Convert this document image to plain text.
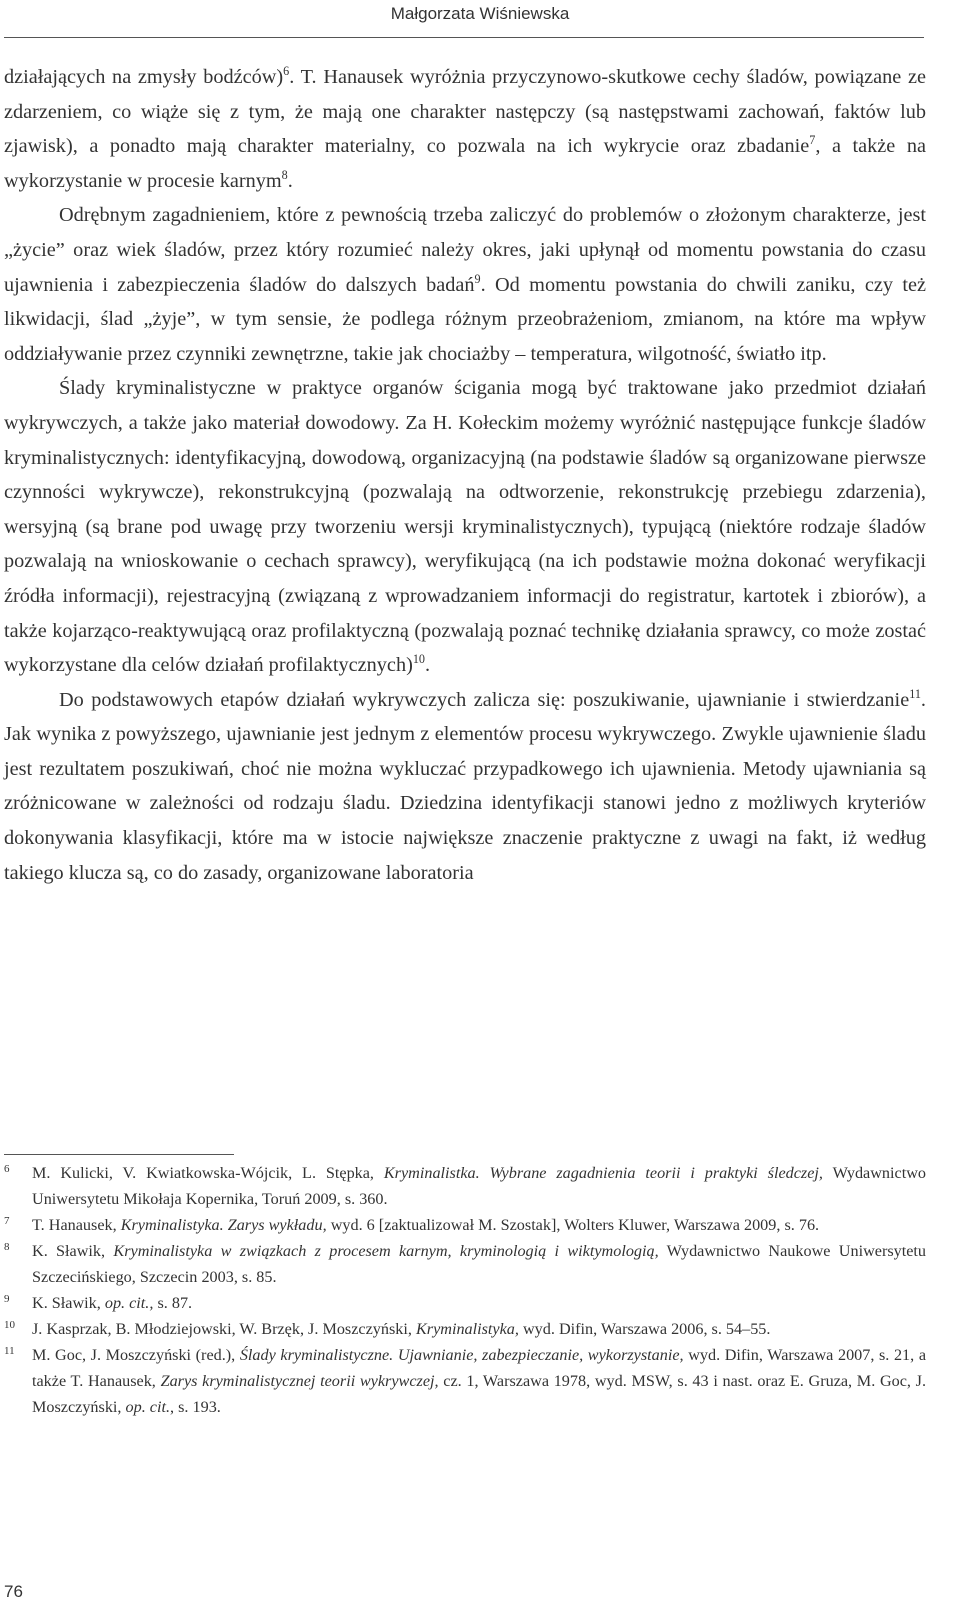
Małgorzata Wiśniewska

działających na zmysły bodźców)$^6$. T. Hanausek wyróżnia przyczynowo-skutkowe cechy śladów, powiązane ze zdarzeniem, co wiąże się z tym, że mają one charakter następczy (są następstwami zachowań, faktów lub zjawisk), a ponadto mają charakter materialny, co pozwala na ich wykrycie oraz zbadanie$^7$, a także na wykorzystanie w procesie karnym$^8$.

Odrębnym zagadnieniem, które z pewnością trzeba zaliczyć do problemów o złożonym charakterze, jest „życie” oraz wiek śladów, przez który rozumieć należy okres, jaki upłynął od momentu powstania do czasu ujawnienia i zabezpieczenia śladów do dalszych badań$^9$. Od momentu powstania do chwili zaniku, czy też likwidacji, ślad „żyje”, w tym sensie, że podlega różnym przeobrażeniom, zmianom, na które ma wpływ oddziaływanie przez czynniki zewnętrzne, takie jak chociażby – temperatura, wilgotność, światło itp.

Ślady kryminalistyczne w praktyce organów ścigania mogą być traktowane jako przedmiot działań wykrywczych, a także jako materiał dowodowy. Za H. Kołeckim możemy wyróżnić następujące funkcje śladów kryminalistycznych: identyfikacyjną, dowodową, organizacyjną (na podstawie śladów są organizowane pierwsze czynności wykrywcze), rekonstrukcyjną (pozwalają na odtworzenie, rekonstrukcję przebiegu zdarzenia), wersyjną (są brane pod uwagę przy tworzeniu wersji kryminalistycznych), typującą (niektóre rodzaje śladów pozwalają na wnioskowanie o cechach sprawcy), weryfikującą (na ich podstawie można dokonać weryfikacji źródła informacji), rejestracyjną (związaną z wprowadzaniem informacji do registratur, kartotek i zbiorów), a także kojarząco-reaktywującą oraz profilaktyczną (pozwalają poznać technikę działania sprawcy, co może zostać wykorzystane dla celów działań profilaktycznych)$^{10}$.

Do podstawowych etapów działań wykrywczych zalicza się: poszukiwanie, ujawnianie i stwierdzanie$^{11}$. Jak wynika z powyższego, ujawnianie jest jednym z elementów procesu wykrywczego. Zwykle ujawnienie śladu jest rezultatem poszukiwań, choć nie można wykluczać przypadkowego ich ujawnienia. Metody ujawniania są zróżnicowane w zależności od rodzaju śladu. Dziedzina identyfikacji stanowi jedno z możliwych kryteriów dokonywania klasyfikacji, które ma w istocie największe znaczenie praktyczne z uwagi na fakt, iż według takiego klucza są, co do zasady, organizowane laboratoria

6 M. Kulicki, V. Kwiatkowska-Wójcik, L. Stępka, Kryminalistka. Wybrane zagadnienia teorii i praktyki śledczej, Wydawnictwo Uniwersytetu Mikołaja Kopernika, Toruń 2009, s. 360.

7 T. Hanausek, Kryminalistyka. Zarys wykładu, wyd. 6 [zaktualizował M. Szostak], Wolters Kluwer, Warszawa 2009, s. 76.

8 K. Sławik, Kryminalistyka w związkach z procesem karnym, kryminologią i wiktymologią, Wydawnictwo Naukowe Uniwersytetu Szczecińskiego, Szczecin 2003, s. 85.

9 K. Sławik, op. cit., s. 87.

10 J. Kasprzak, B. Młodziejowski, W. Brzęk, J. Moszczyński, Kryminalistyka, wyd. Difin, Warszawa 2006, s. 54–55.

11 M. Goc, J. Moszczyński (red.), Ślady kryminalistyczne. Ujawnianie, zabezpieczanie, wykorzystanie, wyd. Difin, Warszawa 2007, s. 21, a także T. Hanausek, Zarys kryminalistycznej teorii wykrywczej, cz. 1, Warszawa 1978, wyd. MSW, s. 43 i nast. oraz E. Gruza, M. Goc, J. Moszczyński, op. cit., s. 193.

76
